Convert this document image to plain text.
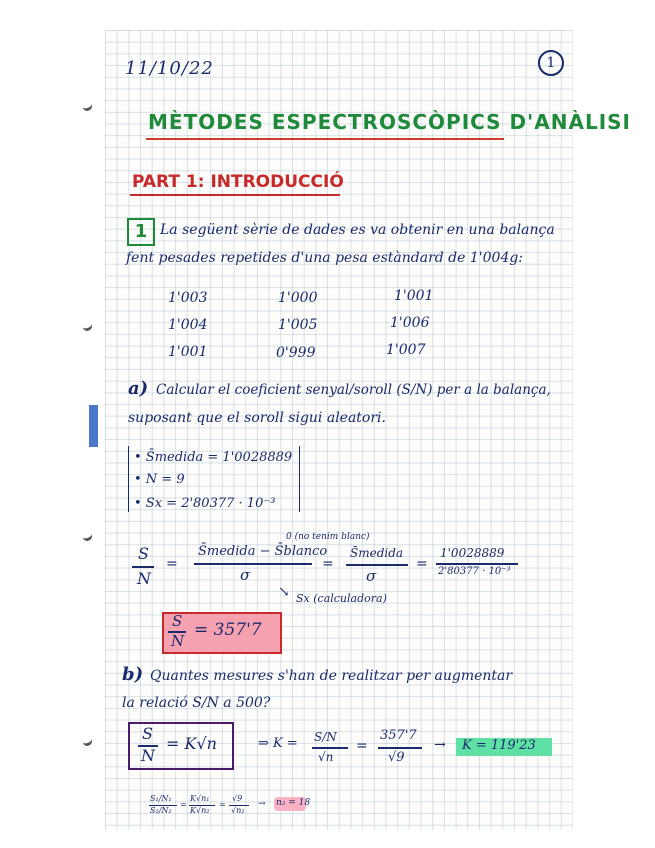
11/10/22	1
MÈTODES ESPECTROSCÒPICS D'ANÀLISI
PART 1: INTRODUCCIÓ
1 La següent sèrie de dades es va obtenir en una balança
fent pesades repetides d'una pesa estàndard de 1'004g:
1'003	1'000	1'001
1'004	1'005	1'006
1'001	0'999	1'007
a) Calcular el coeficient senyal/soroll (S/N) per a la balança,
suposant que el soroll sigui aleatori.
• S̄medida = 1'0028889
• N = 9
• Sx = 2'80377 · 10⁻³
S
N
=
0 (no tenim blanc)
S̄medida − S̄blanco
σ
↘ Sx (calculadora)
=
S̄medida
σ
=
1'0028889
2'80377 · 10⁻³
S
N
= 357'7
b) Quantes mesures s'han de realitzar per augmentar
la relació S/N a 500?
S
N
= K√n	⇒ K = S/N
√n
=
357'7
√9
→ K = 119'23
S₁/N₁
S₂/N₂
=
K√n₁
K√n₂
=
√9
√n₂
→ n₂ = 18
